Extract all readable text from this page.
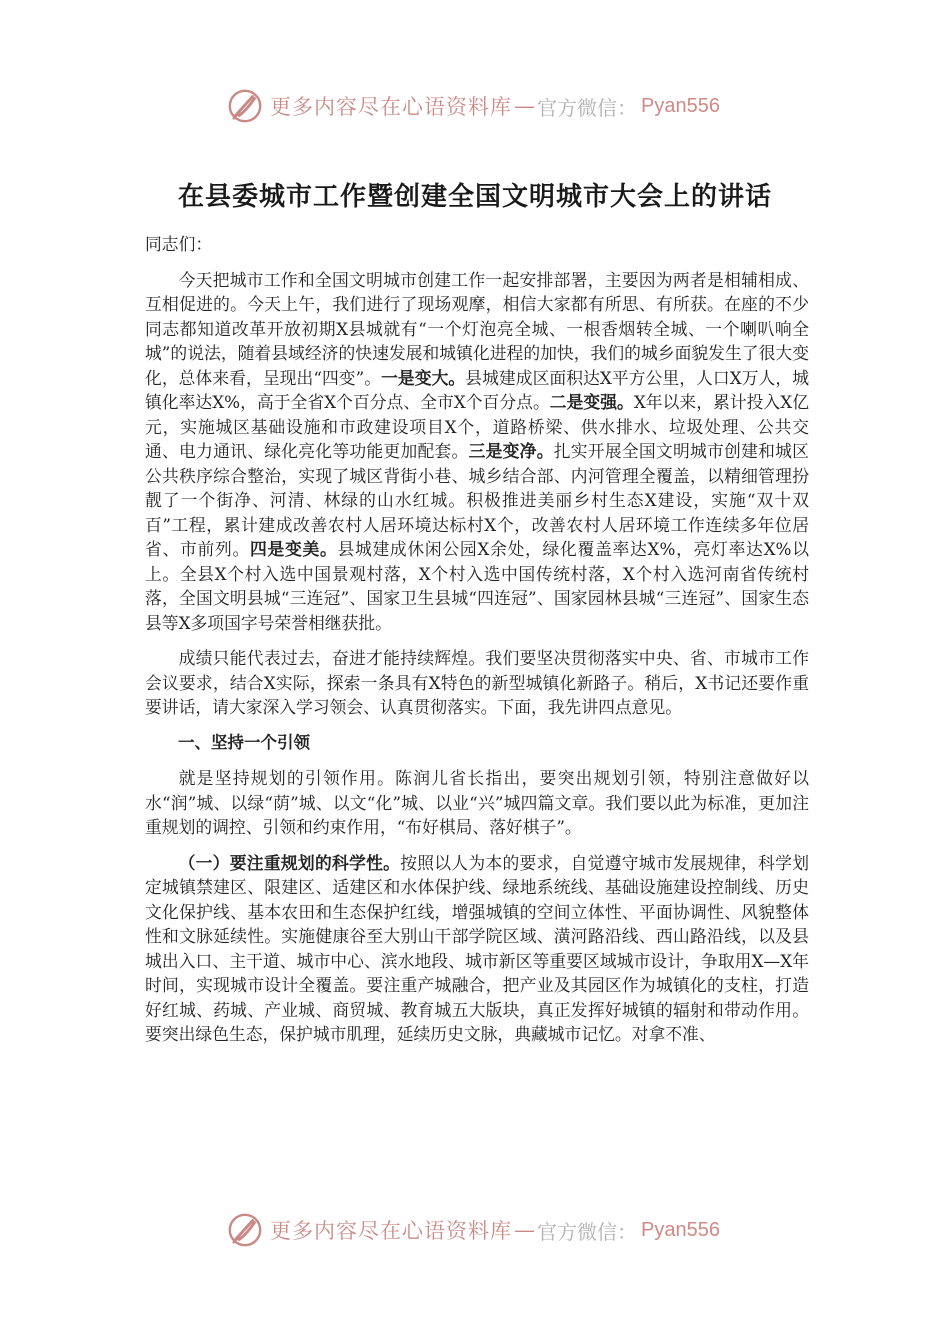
更多内容尽在心语资料库 — 官方微信： Pyan556
在县委城市工作暨创建全国文明城市大会上的讲话

同志们：

今天把城市工作和全国文明城市创建工作一起安排部署，主要因为两者是相辅相成、互相促进的。今天上午，我们进行了现场观摩，相信大家都有所思、有所获。在座的不少同志都知道改革开放初期X县城就有“一个灯泡亮全城、一根香烟转全城、一个喇叭响全城”的说法，随着县域经济的快速发展和城镇化进程的加快，我们的城乡面貌发生了很大变化，总体来看，呈现出“四变”。一是变大。县城建成区面积达X平方公里，人口X万人，城镇化率达X%，高于全省X个百分点、全市X个百分点。二是变强。X年以来，累计投入X亿元，实施城区基础设施和市政建设项目X个，道路桥梁、供水排水、垃圾处理、公共交通、电力通讯、绿化亮化等功能更加配套。三是变净。扎实开展全国文明城市创建和城区公共秩序综合整治，实现了城区背街小巷、城乡结合部、内河管理全覆盖，以精细管理扮靓了一个街净、河清、林绿的山水红城。积极推进美丽乡村生态X建设，实施“双十双百”工程，累计建成改善农村人居环境达标村X个，改善农村人居环境工作连续多年位居省、市前列。四是变美。县城建成休闲公园X余处，绿化覆盖率达X%，亮灯率达X%以上。全县X个村入选中国景观村落，X个村入选中国传统村落，X个村入选河南省传统村落，全国文明县城“三连冠”、国家卫生县城“四连冠”、国家园林县城“三连冠”、国家生态县等X多项国字号荣誉相继获批。

成绩只能代表过去，奋进才能持续辉煌。我们要坚决贯彻落实中央、省、市城市工作会议要求，结合X实际，探索一条具有X特色的新型城镇化新路子。稍后，X书记还要作重要讲话，请大家深入学习领会、认真贯彻落实。下面，我先讲四点意见。

一、坚持一个引领

就是坚持规划的引领作用。陈润儿省长指出，要突出规划引领，特别注意做好以水“润”城、以绿“荫”城、以文“化”城、以业“兴”城四篇文章。我们要以此为标准，更加注重规划的调控、引领和约束作用，“布好棋局、落好棋子”。

（一）要注重规划的科学性。按照以人为本的要求，自觉遵守城市发展规律，科学划定城镇禁建区、限建区、适建区和水体保护线、绿地系统线、基础设施建设控制线、历史文化保护线、基本农田和生态保护红线，增强城镇的空间立体性、平面协调性、风貌整体性和文脉延续性。实施健康谷至大别山干部学院区域、潢河路沿线、西山路沿线，以及县城出入口、主干道、城市中心、滨水地段、城市新区等重要区域城市设计，争取用X—X年时间，实现城市设计全覆盖。要注重产城融合，把产业及其园区作为城镇化的支柱，打造好红城、药城、产业城、商贸城、教育城五大版块，真正发挥好城镇的辐射和带动作用。要突出绿色生态，保护城市肌理，延续历史文脉，典藏城市记忆。对拿不准、

更多内容尽在心语资料库 — 官方微信： Pyan556
